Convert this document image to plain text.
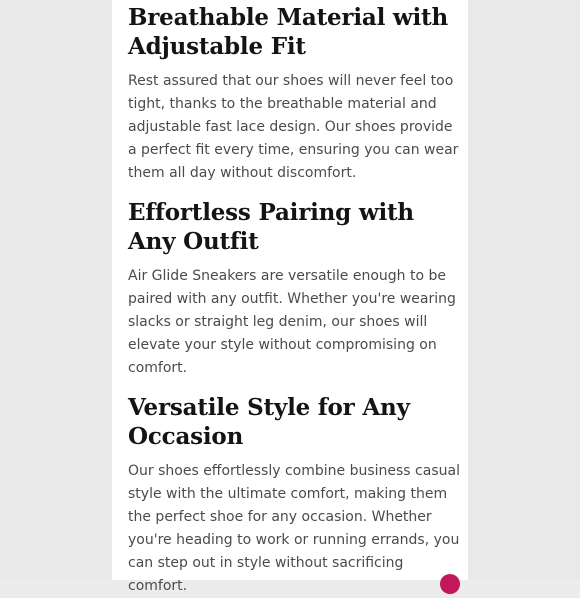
Breathable Material with Adjustable Fit

Rest assured that our shoes will never feel too tight, thanks to the breathable material and adjustable fast lace design. Our shoes provide a perfect fit every time, ensuring you can wear them all day without discomfort.

Effortless Pairing with Any Outfit

Air Glide Sneakers are versatile enough to be paired with any outfit. Whether you're wearing slacks or straight leg denim, our shoes will elevate your style without compromising on comfort.

Versatile Style for Any Occasion

Our shoes effortlessly combine business casual style with the ultimate comfort, making them the perfect shoe for any occasion. Whether you're heading to work or running errands, you can step out in style without sacrificing comfort.
